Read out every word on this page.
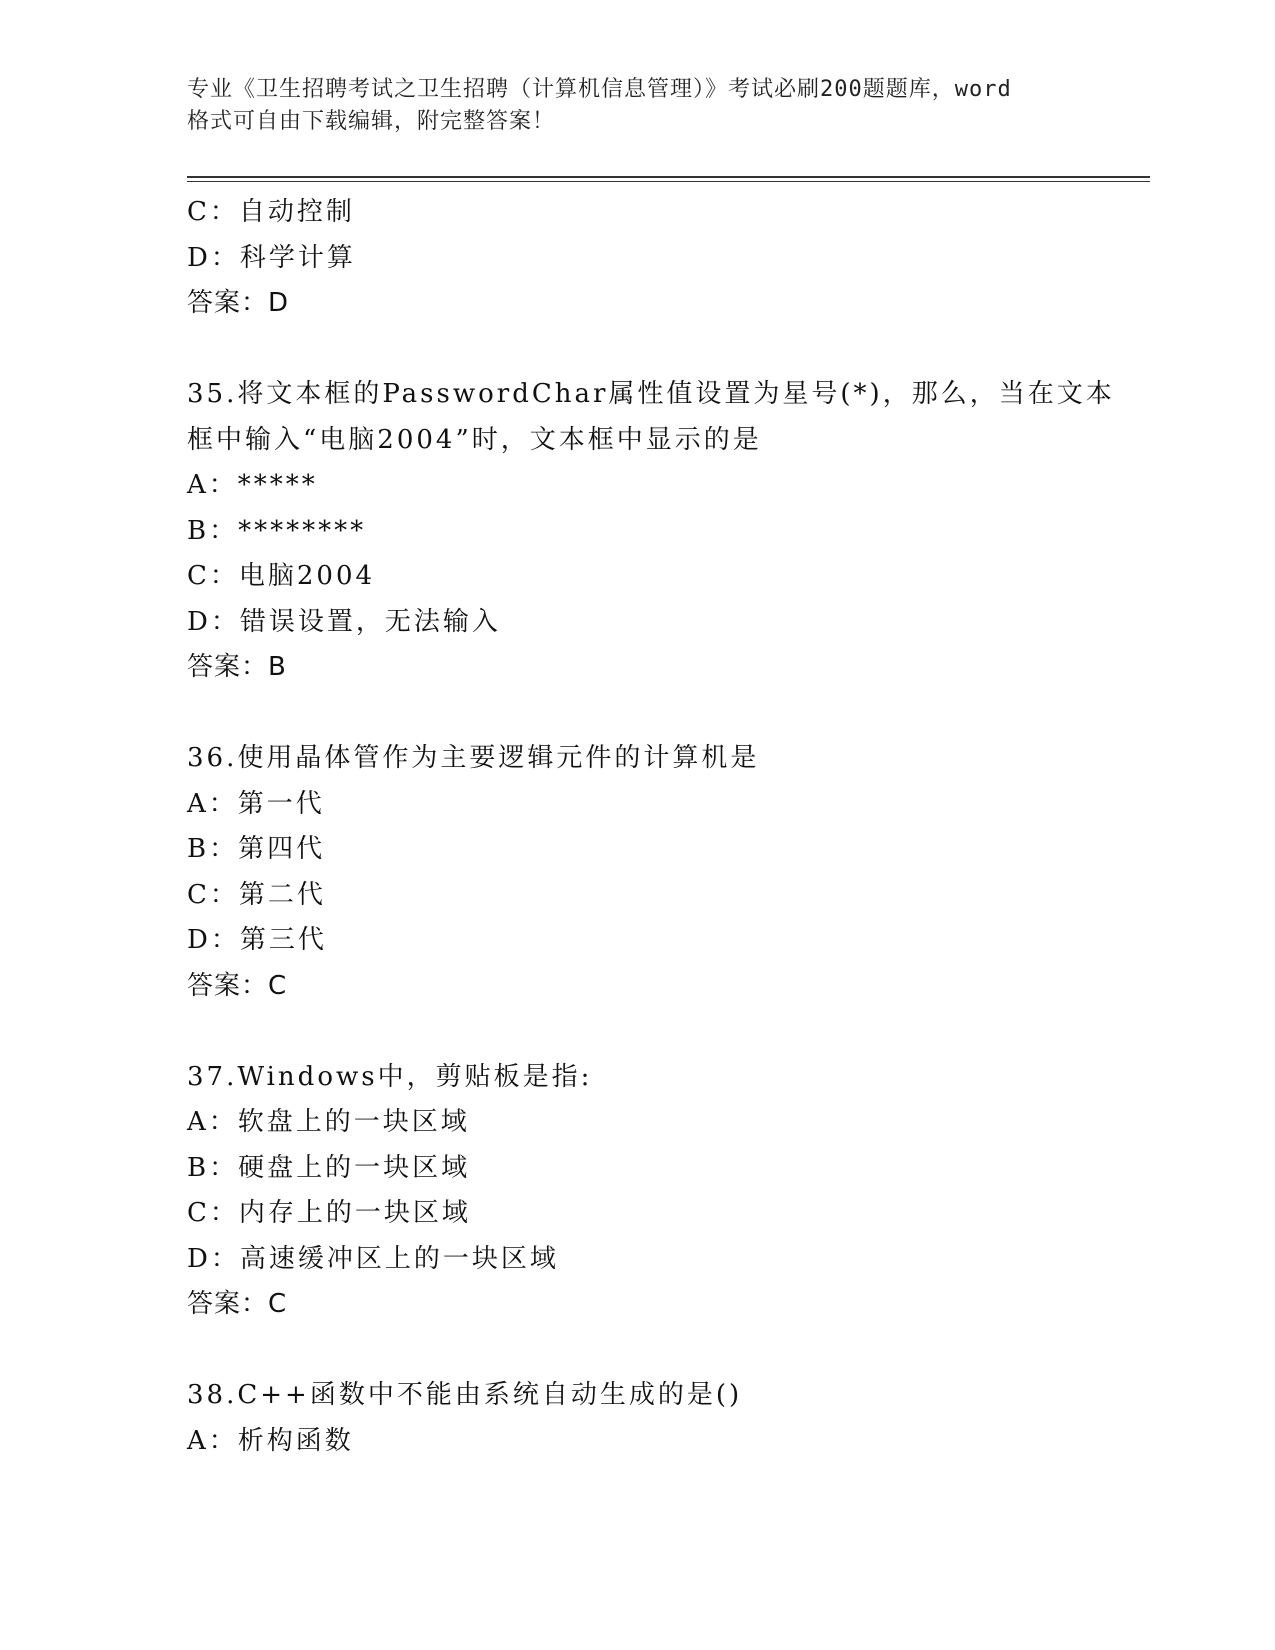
专业《卫生招聘考试之卫生招聘（计算机信息管理）》考试必刷200题题库，word
格式可自由下载编辑，附完整答案！
C：自动控制
D：科学计算
答案：D
35.将文本框的PasswordChar属性值设置为星号(*)，那么，当在文本
框中输入“电脑2004”时，文本框中显示的是
A：*****
B：********
C：电脑2004
D：错误设置，无法输入
答案：B
36.使用晶体管作为主要逻辑元件的计算机是
A：第一代
B：第四代
C：第二代
D：第三代
答案：C
37.Windows中，剪贴板是指:
A：软盘上的一块区域
B：硬盘上的一块区域
C：内存上的一块区域
D：高速缓冲区上的一块区域
答案：C
38.C++函数中不能由系统自动生成的是()
A：析构函数
